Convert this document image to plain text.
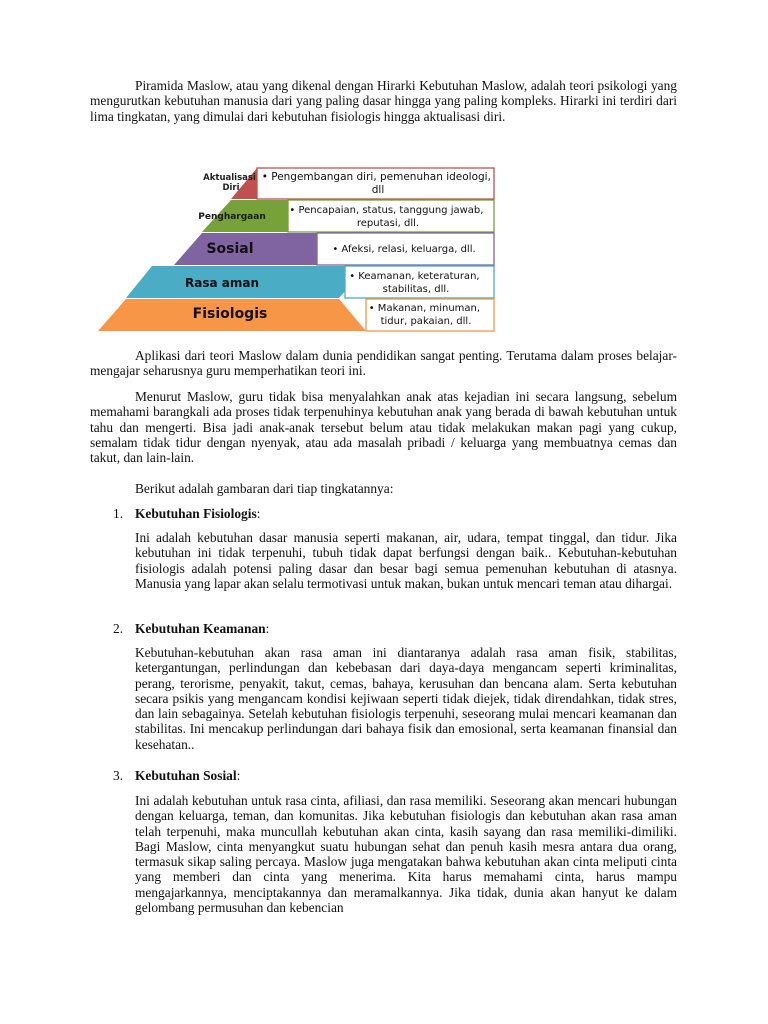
Piramida Maslow, atau yang dikenal dengan Hirarki Kebutuhan Maslow, adalah teori psikologi yang mengurutkan kebutuhan manusia dari yang paling dasar hingga yang paling kompleks. Hirarki ini terdiri dari lima tingkatan, yang dimulai dari kebutuhan fisiologis hingga aktualisasi diri.

Aktualisasi Diri
Penghargaan
Sosial
Rasa aman
Fisiologis
• Pengembangan diri, pemenuhan ideologi, dll
• Pencapaian, status, tanggung jawab, reputasi, dll.
• Afeksi, relasi, keluarga, dll.
• Keamanan, keteraturan, stabilitas, dll.
• Makanan, minuman, tidur, pakaian, dll.

Aplikasi dari teori Maslow dalam dunia pendidikan sangat penting. Terutama dalam proses belajar-mengajar seharusnya guru memperhatikan teori ini.

Menurut Maslow, guru tidak bisa menyalahkan anak atas kejadian ini secara langsung, sebelum memahami barangkali ada proses tidak terpenuhinya kebutuhan anak yang berada di bawah kebutuhan untuk tahu dan mengerti. Bisa jadi anak-anak tersebut belum atau tidak melakukan makan pagi yang cukup, semalam tidak tidur dengan nyenyak, atau ada masalah pribadi / keluarga yang membuatnya cemas dan takut, dan lain-lain.

Berikut adalah gambaran dari tiap tingkatannya:

1. Kebutuhan Fisiologis:

Ini adalah kebutuhan dasar manusia seperti makanan, air, udara, tempat tinggal, dan tidur. Jika kebutuhan ini tidak terpenuhi, tubuh tidak dapat berfungsi dengan baik.. Kebutuhan-kebutuhan fisiologis adalah potensi paling dasar dan besar bagi semua pemenuhan kebutuhan di atasnya. Manusia yang lapar akan selalu termotivasi untuk makan, bukan untuk mencari teman atau dihargai.

2. Kebutuhan Keamanan:

Kebutuhan-kebutuhan akan rasa aman ini diantaranya adalah rasa aman fisik, stabilitas, ketergantungan, perlindungan dan kebebasan dari daya-daya mengancam seperti kriminalitas, perang, terorisme, penyakit, takut, cemas, bahaya, kerusuhan dan bencana alam. Serta kebutuhan secara psikis yang mengancam kondisi kejiwaan seperti tidak diejek, tidak direndahkan, tidak stres, dan lain sebagainya. Setelah kebutuhan fisiologis terpenuhi, seseorang mulai mencari keamanan dan stabilitas. Ini mencakup perlindungan dari bahaya fisik dan emosional, serta keamanan finansial dan kesehatan..

3. Kebutuhan Sosial:

Ini adalah kebutuhan untuk rasa cinta, afiliasi, dan rasa memiliki. Seseorang akan mencari hubungan dengan keluarga, teman, dan komunitas. Jika kebutuhan fisiologis dan kebutuhan akan rasa aman telah terpenuhi, maka muncullah kebutuhan akan cinta, kasih sayang dan rasa memiliki-dimiliki. Bagi Maslow, cinta menyangkut suatu hubungan sehat dan penuh kasih mesra antara dua orang, termasuk sikap saling percaya. Maslow juga mengatakan bahwa kebutuhan akan cinta meliputi cinta yang memberi dan cinta yang menerima. Kita harus memahami cinta, harus mampu mengajarkannya, menciptakannya dan meramalkannya. Jika tidak, dunia akan hanyut ke dalam gelombang permusuhan dan kebencian
